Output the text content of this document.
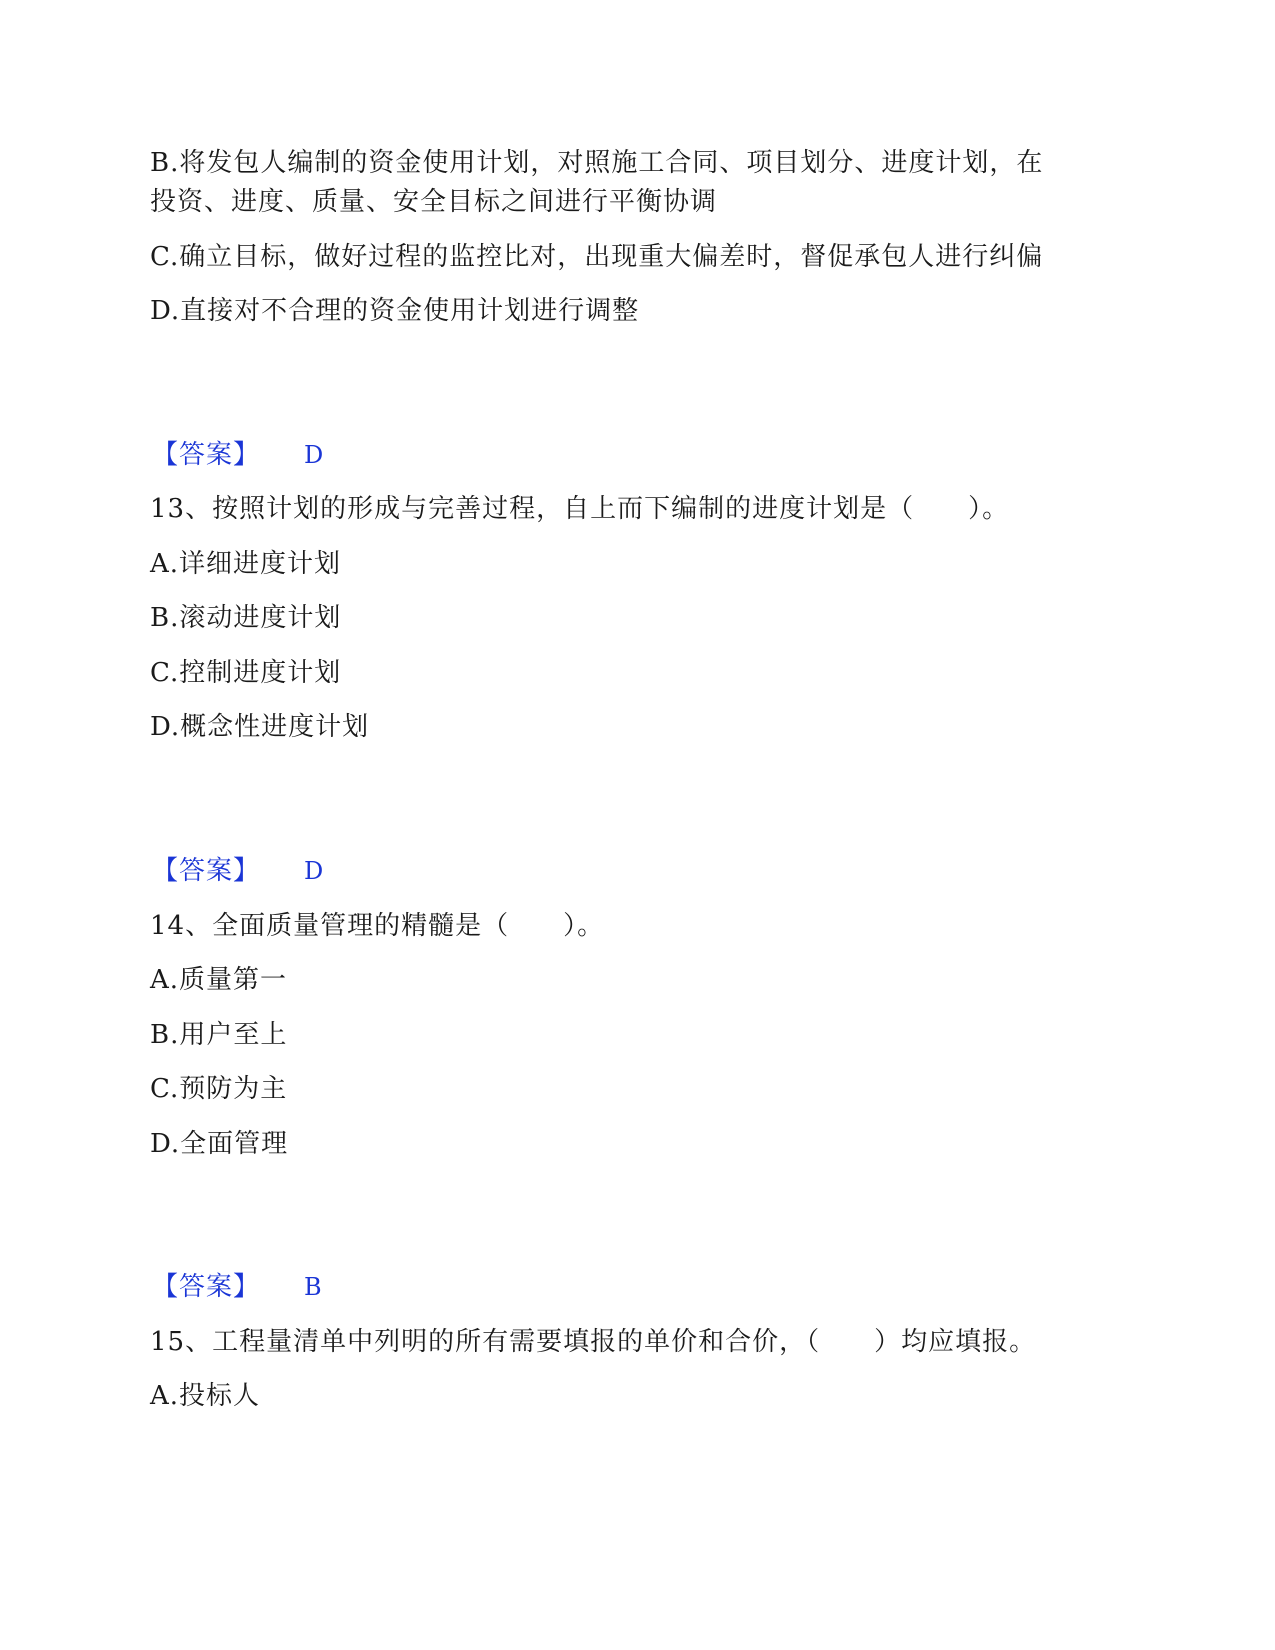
B.将发包人编制的资金使用计划，对照施工合同、项目划分、进度计划，在
投资、进度、质量、安全目标之间进行平衡协调
C.确立目标，做好过程的监控比对，出现重大偏差时，督促承包人进行纠偏
D.直接对不合理的资金使用计划进行调整
【答案】 D
13、按照计划的形成与完善过程，自上而下编制的进度计划是（　　）。
A.详细进度计划
B.滚动进度计划
C.控制进度计划
D.概念性进度计划
【答案】 D
14、全面质量管理的精髓是（　　）。
A.质量第一
B.用户至上
C.预防为主
D.全面管理
【答案】 B
15、工程量清单中列明的所有需要填报的单价和合价，（　　）均应填报。
A.投标人
